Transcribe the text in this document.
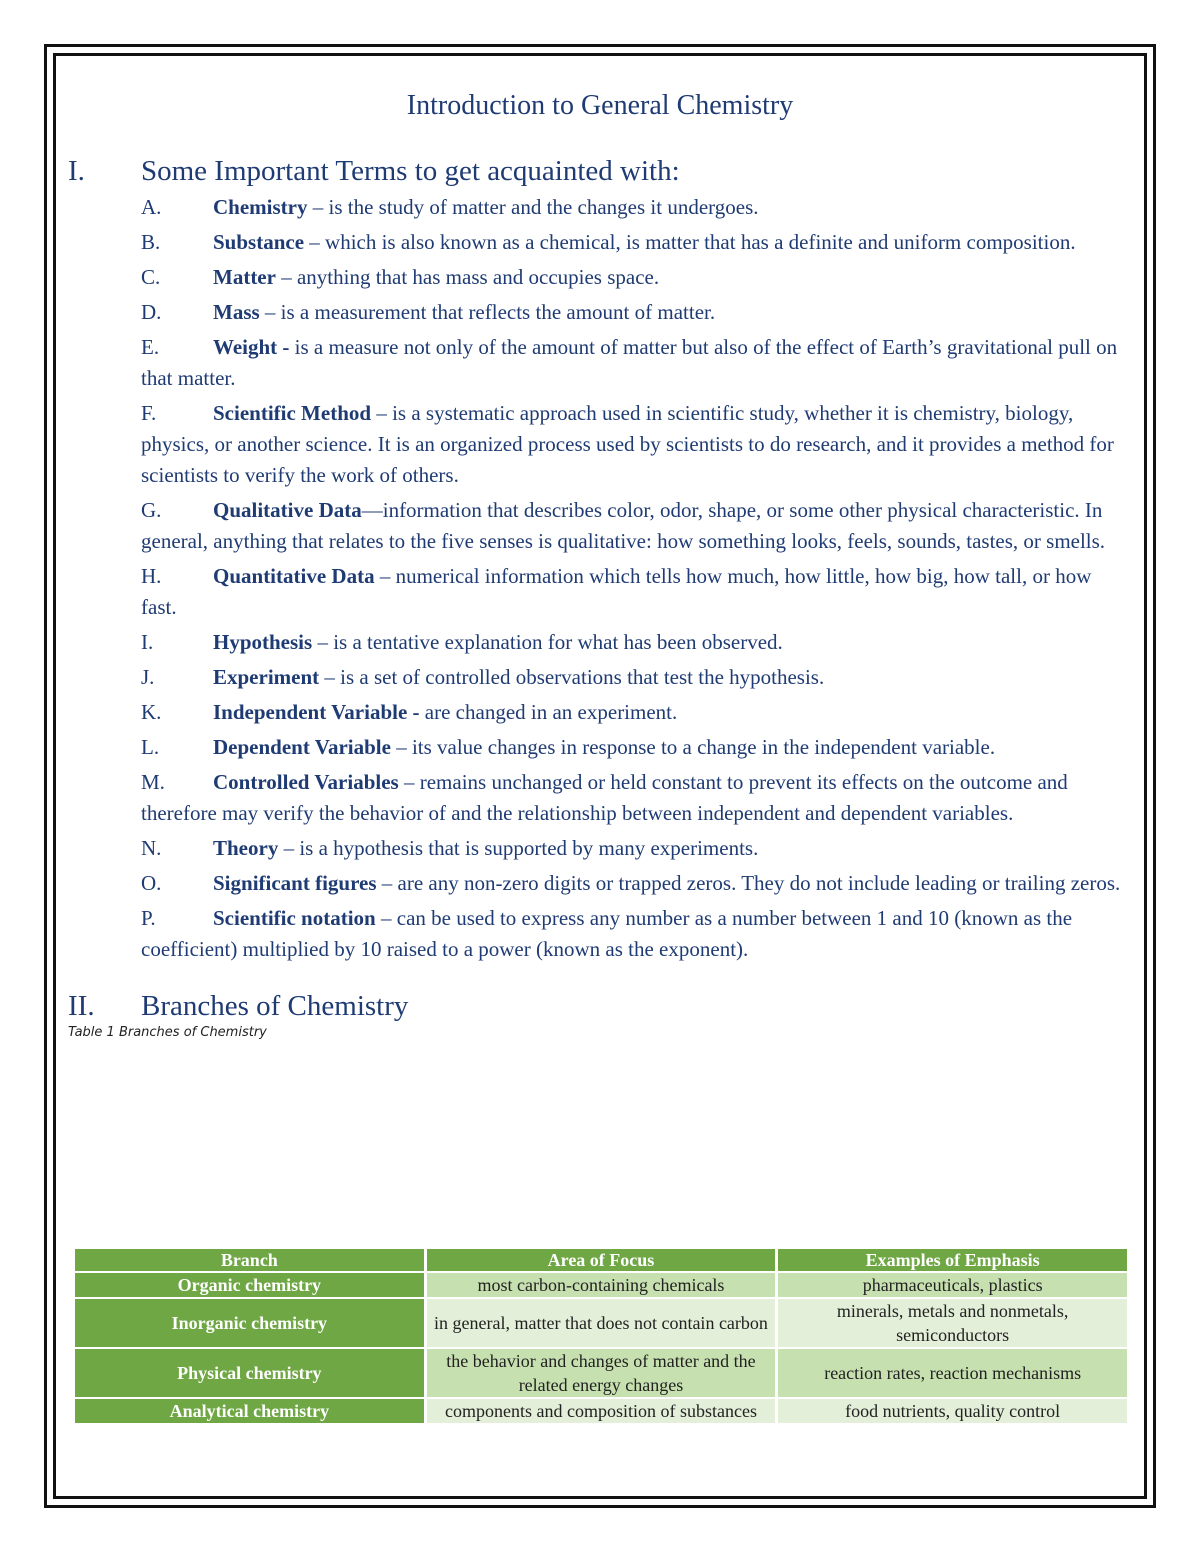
Introduction to General Chemistry
I.	Some Important Terms to get acquainted with:
A. Chemistry – is the study of matter and the changes it undergoes.
B.	Substance – which is also known as a chemical, is matter that has a definite and uniform composition.
C.	Matter – anything that has mass and occupies space.
D. Mass – is a measurement that reflects the amount of matter.
E.	Weight - is a measure not only of the amount of matter but also of the effect of Earth’s gravitational pull on that matter.
F.	Scientific Method – is a systematic approach used in scientific study, whether it is chemistry, biology, physics, or another science. It is an organized process used by scientists to do research, and it provides a method for scientists to verify the work of others.
G. Qualitative Data—information that describes color, odor, shape, or some other physical characteristic. In general, anything that relates to the five senses is qualitative: how something looks, feels, sounds, tastes, or smells.
H. Quantitative Data – numerical information which tells how much, how little, how big, how tall, or how fast.
I.	Hypothesis – is a tentative explanation for what has been observed.
J.	Experiment – is a set of controlled observations that test the hypothesis.
K. Independent Variable - are changed in an experiment.
L.	Dependent Variable – its value changes in response to a change in the independent variable.
M. Controlled Variables – remains unchanged or held constant to prevent its effects on the outcome and therefore may verify the behavior of and the relationship between independent and dependent variables.
N. Theory – is a hypothesis that is supported by many experiments.
O. Significant figures – are any non-zero digits or trapped zeros. They do not include leading or trailing zeros.
P.	Scientific notation – can be used to express any number as a number between 1 and 10 (known as the coefficient) multiplied by 10 raised to a power (known as the exponent).
II.	Branches of Chemistry

Table 1 Branches of Chemistry

Branch	Area of Focus	Examples of Emphasis
Organic chemistry	most carbon-containing chemicals	pharmaceuticals, plastics
Inorganic chemistry	in general, matter that does not contain carbon	minerals, metals and nonmetals, semiconductors
Physical chemistry	the behavior and changes of matter and the related energy changes	reaction rates, reaction mechanisms
Analytical chemistry	components and composition of substances	food nutrients, quality control
